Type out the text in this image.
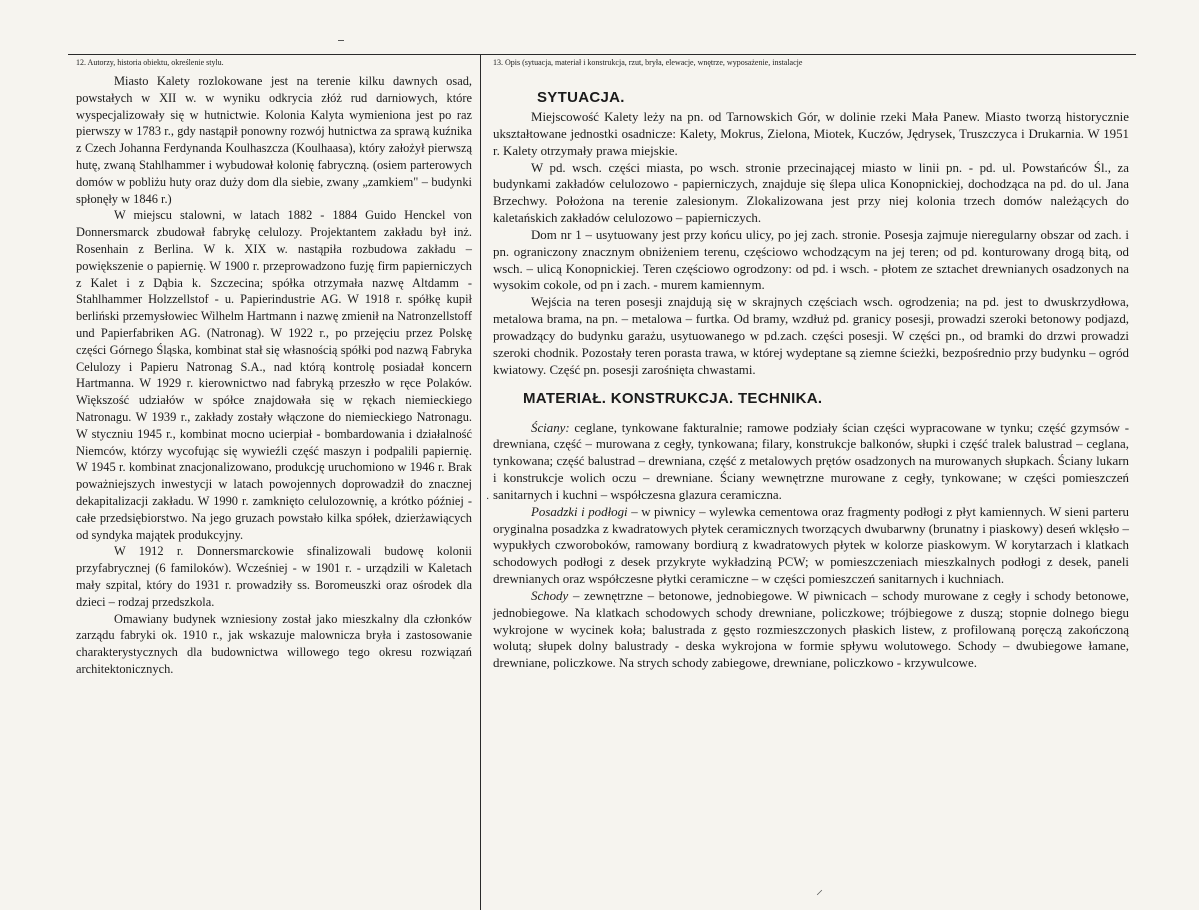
·
⸝
12. Autorzy, historia obiektu, określenie stylu.

Miasto Kalety rozlokowane jest na terenie kilku dawnych osad, powstałych w XII w. w wyniku odkrycia złóż rud darniowych, które wyspecjalizowały się w hutnictwie. Kolonia Kalyta wymieniona jest po raz pierwszy w 1783 r., gdy nastąpił ponowny rozwój hutnictwa za sprawą kuźnika z Czech Johanna Ferdynanda Koulhaszcza (Koulhaasa), który założył pierwszą hutę, zwaną Stahlhammer i wybudował kolonię fabryczną. (osiem parterowych domów w pobliżu huty oraz duży dom dla siebie, zwany „zamkiem" – budynki spłonęły w 1846 r.)

W miejscu stalowni, w latach 1882 - 1884 Guido Henckel von Donnersmarck zbudował fabrykę celulozy. Projektantem zakładu był inż. Rosenhain z Berlina. W k. XIX w. nastąpiła rozbudowa zakładu – powiększenie o papiernię. W 1900 r. przeprowadzono fuzję firm papierniczych z Kalet i z Dąbia k. Szczecina; spółka otrzymała nazwę Altdamm - Stahlhammer Holzzellstof - u. Papierindustrie AG. W 1918 r. spółkę kupił berliński przemysłowiec Wilhelm Hartmann i nazwę zmienił na Natronzellstoff und Papierfabriken AG. (Natronag). W 1922 r., po przejęciu przez Polskę części Górnego Śląska, kombinat stał się własnością spółki pod nazwą Fabryka Celulozy i Papieru Natronag S.A., nad którą kontrolę posiadał koncern Hartmanna. W 1929 r. kierownictwo nad fabryką przeszło w ręce Polaków. Większość udziałów w spółce znajdowała się w rękach niemieckiego Natronagu. W 1939 r., zakłady zostały włączone do niemieckiego Natronagu. W styczniu 1945 r., kombinat mocno ucierpiał - bombardowania i działalność Niemców, którzy wycofując się wywieźli część maszyn i podpalili papiernię. W 1945 r. kombinat znacjonalizowano, produkcję uruchomiono w 1946 r. Brak poważniejszych inwestycji w latach powojennych doprowadził do znacznej dekapitalizacji zakładu. W 1990 r. zamknięto celulozownię, a krótko później - całe przedsiębiorstwo. Na jego gruzach powstało kilka spółek, dzierżawiących od syndyka majątek produkcyjny.

W 1912 r. Donnersmarckowie sfinalizowali budowę kolonii przyfabrycznej (6 familoków). Wcześniej - w 1901 r. - urządzili w Kaletach mały szpital, który do 1931 r. prowadziły ss. Boromeuszki oraz ośrodek dla dzieci – rodzaj przedszkola.

Omawiany budynek wzniesiony został jako mieszkalny dla członków zarządu fabryki ok. 1910 r., jak wskazuje malownicza bryła i zastosowanie charakterystycznych dla budownictwa willowego tego okresu rozwiązań architektonicznych.

13. Opis (sytuacja, materiał i konstrukcja, rzut, bryła, elewacje, wnętrze, wyposażenie, instalacje
SYTUACJA.

Miejscowość Kalety leży na pn. od Tarnowskich Gór, w dolinie rzeki Mała Panew. Miasto tworzą historycznie ukształtowane jednostki osadnicze: Kalety, Mokrus, Zielona, Miotek, Kuczów, Jędrysek, Truszczyca i Drukarnia. W 1951 r. Kalety otrzymały prawa miejskie.

W pd. wsch. części miasta, po wsch. stronie przecinającej miasto w linii pn. - pd. ul. Powstańców Śl., za budynkami zakładów celulozowo - papierniczych, znajduje się ślepa ulica Konopnickiej, dochodząca na pd. do ul. Jana Brzechwy. Położona na terenie zalesionym. Zlokalizowana jest przy niej kolonia trzech domów należących do kaletańskich zakładów celulozowo – papierniczych.

Dom nr 1 – usytuowany jest przy końcu ulicy, po jej zach. stronie. Posesja zajmuje nieregularny obszar od zach. i pn. ograniczony znacznym obniżeniem terenu, częściowo wchodzącym na jej teren; od pd. konturowany drogą bitą, od wsch. – ulicą Konopnickiej. Teren częściowo ogrodzony: od pd. i wsch. - płotem ze sztachet drewnianych osadzonych na wysokim cokole, od pn i zach. - murem kamiennym.

Wejścia na teren posesji znajdują się w skrajnych częściach wsch. ogrodzenia; na pd. jest to dwuskrzydłowa, metalowa brama, na pn. – metalowa – furtka. Od bramy, wzdłuż pd. granicy posesji, prowadzi szeroki betonowy podjazd, prowadzący do budynku garażu, usytuowanego w pd.zach. części posesji. W części pn., od bramki do drzwi prowadzi szeroki chodnik. Pozostały teren porasta trawa, w której wydeptane są ziemne ścieżki, bezpośrednio przy budynku – ogród kwiatowy. Część pn. posesji zarośnięta chwastami.

MATERIAŁ. KONSTRUKCJA. TECHNIKA.

Ściany: ceglane, tynkowane fakturalnie; ramowe podziały ścian części wypracowane w tynku; część gzymsów - drewniana, część – murowana z cegły, tynkowana; filary, konstrukcje balkonów, słupki i część tralek balustrad – ceglana, tynkowana; część balustrad – drewniana, część z metalowych prętów osadzonych na murowanych słupkach. Ściany lukarn i konstrukcje wolich oczu – drewniane. Ściany wewnętrzne murowane z cegły, tynkowane; w części pomieszczeń sanitarnych i kuchni – współczesna glazura ceramiczna.

Posadzki i podłogi – w piwnicy – wylewka cementowa oraz fragmenty podłogi z płyt kamiennych. W sieni parteru oryginalna posadzka z kwadratowych płytek ceramicznych tworzących dwubarwny (brunatny i piaskowy) deseń wklęsło – wypukłych czworoboków, ramowany bordiurą z kwadratowych płytek w kolorze piaskowym. W korytarzach i klatkach schodowych podłogi z desek przykryte wykładziną PCW; w pomieszczeniach mieszkalnych podłogi z desek, paneli drewnianych oraz współczesne płytki ceramiczne – w części pomieszczeń sanitarnych i kuchniach.

Schody – zewnętrzne – betonowe, jednobiegowe. W piwnicach – schody murowane z cegły i schody betonowe, jednobiegowe. Na klatkach schodowych schody drewniane, policzkowe; trójbiegowe z duszą; stopnie dolnego biegu wykrojone w wycinek koła; balustrada z gęsto rozmieszczonych płaskich listew, z profilowaną poręczą zakończoną wolutą; słupek dolny balustrady - deska wykrojona w formie spływu wolutowego. Schody – dwubiegowe łamane, drewniane, policzkowe. Na strych schody zabiegowe, drewniane, policzkowo - krzywulcowe.
